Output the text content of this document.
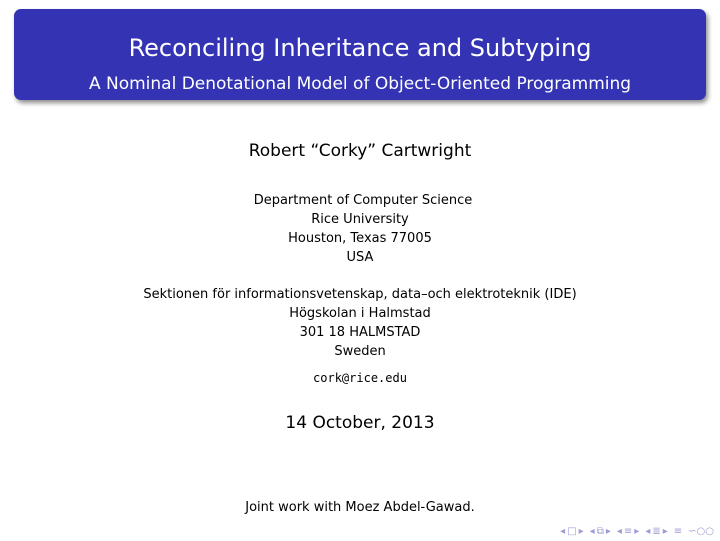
Reconciling Inheritance and Subtyping
A Nominal Denotational Model of Object-Oriented Programming
Robert “Corky” Cartwright
Department of Computer Science
Rice University
Houston, Texas 77005
USA
Sektionen för informationsvetenskap, data–och elektroteknik (IDE)
Högskolan i Halmstad
301 18 HALMSTAD
Sweden
cork@rice.edu
14 October, 2013
Joint work with Moez Abdel-Gawad.
◂ □ ▸ ◂ ⧉ ▸ ◂ ≡ ▸ ◂ ≣ ▸ ≡ ∽○○
